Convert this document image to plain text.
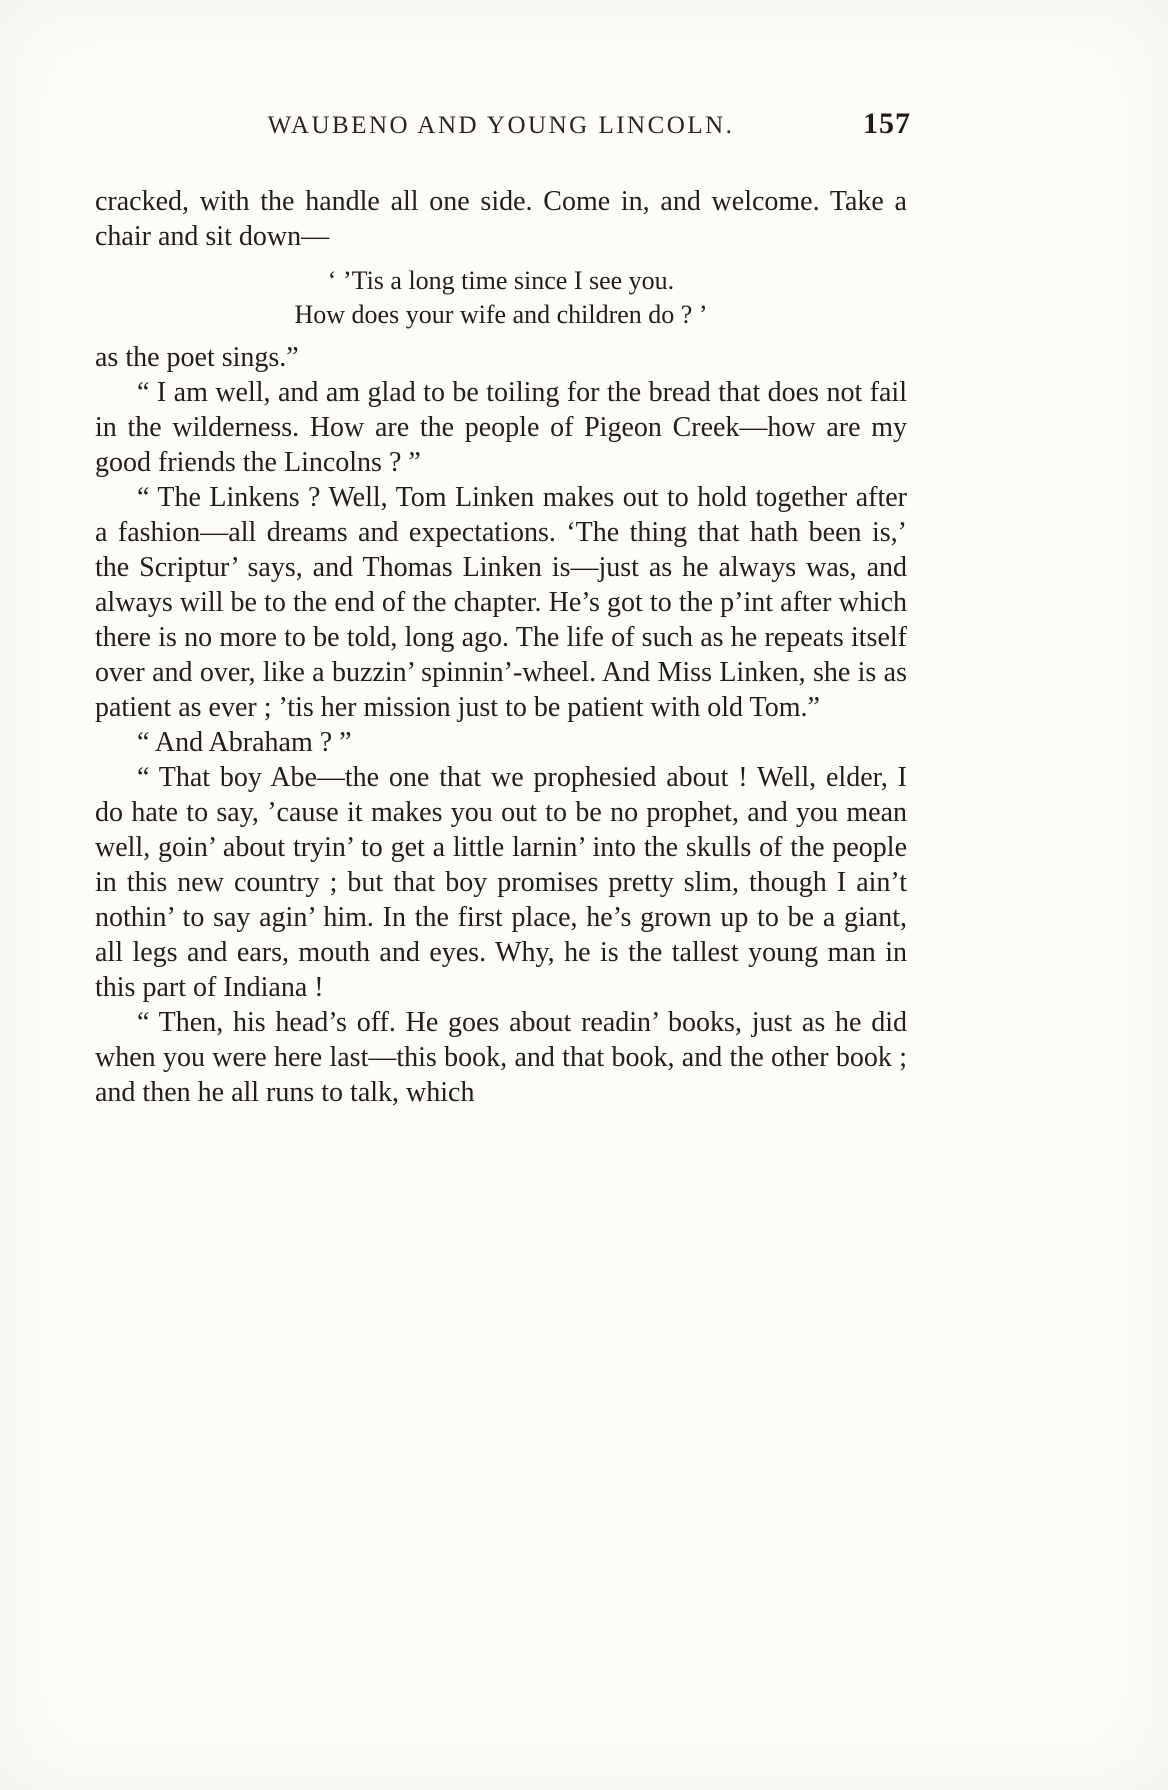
WAUBENO AND YOUNG LINCOLN.	157

cracked, with the handle all one side. Come in, and welcome. Take a chair and sit down—

‘ ’Tis a long time since I see you.
How does your wife and children do ? ’

as the poet sings.”

“ I am well, and am glad to be toiling for the bread that does not fail in the wilderness. How are the people of Pigeon Creek—how are my good friends the Lincolns ? ”

“ The Linkens ? Well, Tom Linken makes out to hold together after a fashion—all dreams and expectations. ‘The thing that hath been is,’ the Scriptur’ says, and Thomas Linken is—just as he always was, and always will be to the end of the chapter. He’s got to the p’int after which there is no more to be told, long ago. The life of such as he repeats itself over and over, like a buzzin’ spinnin’-wheel. And Miss Linken, she is as patient as ever ; ’tis her mission just to be patient with old Tom.”

“ And Abraham ? ”

“ That boy Abe—the one that we prophesied about ! Well, elder, I do hate to say, ’cause it makes you out to be no prophet, and you mean well, goin’ about tryin’ to get a little larnin’ into the skulls of the people in this new country ; but that boy promises pretty slim, though I ain’t nothin’ to say agin’ him. In the first place, he’s grown up to be a giant, all legs and ears, mouth and eyes. Why, he is the tallest young man in this part of Indiana !

“ Then, his head’s off. He goes about readin’ books, just as he did when you were here last—this book, and that book, and the other book ; and then he all runs to talk, which
